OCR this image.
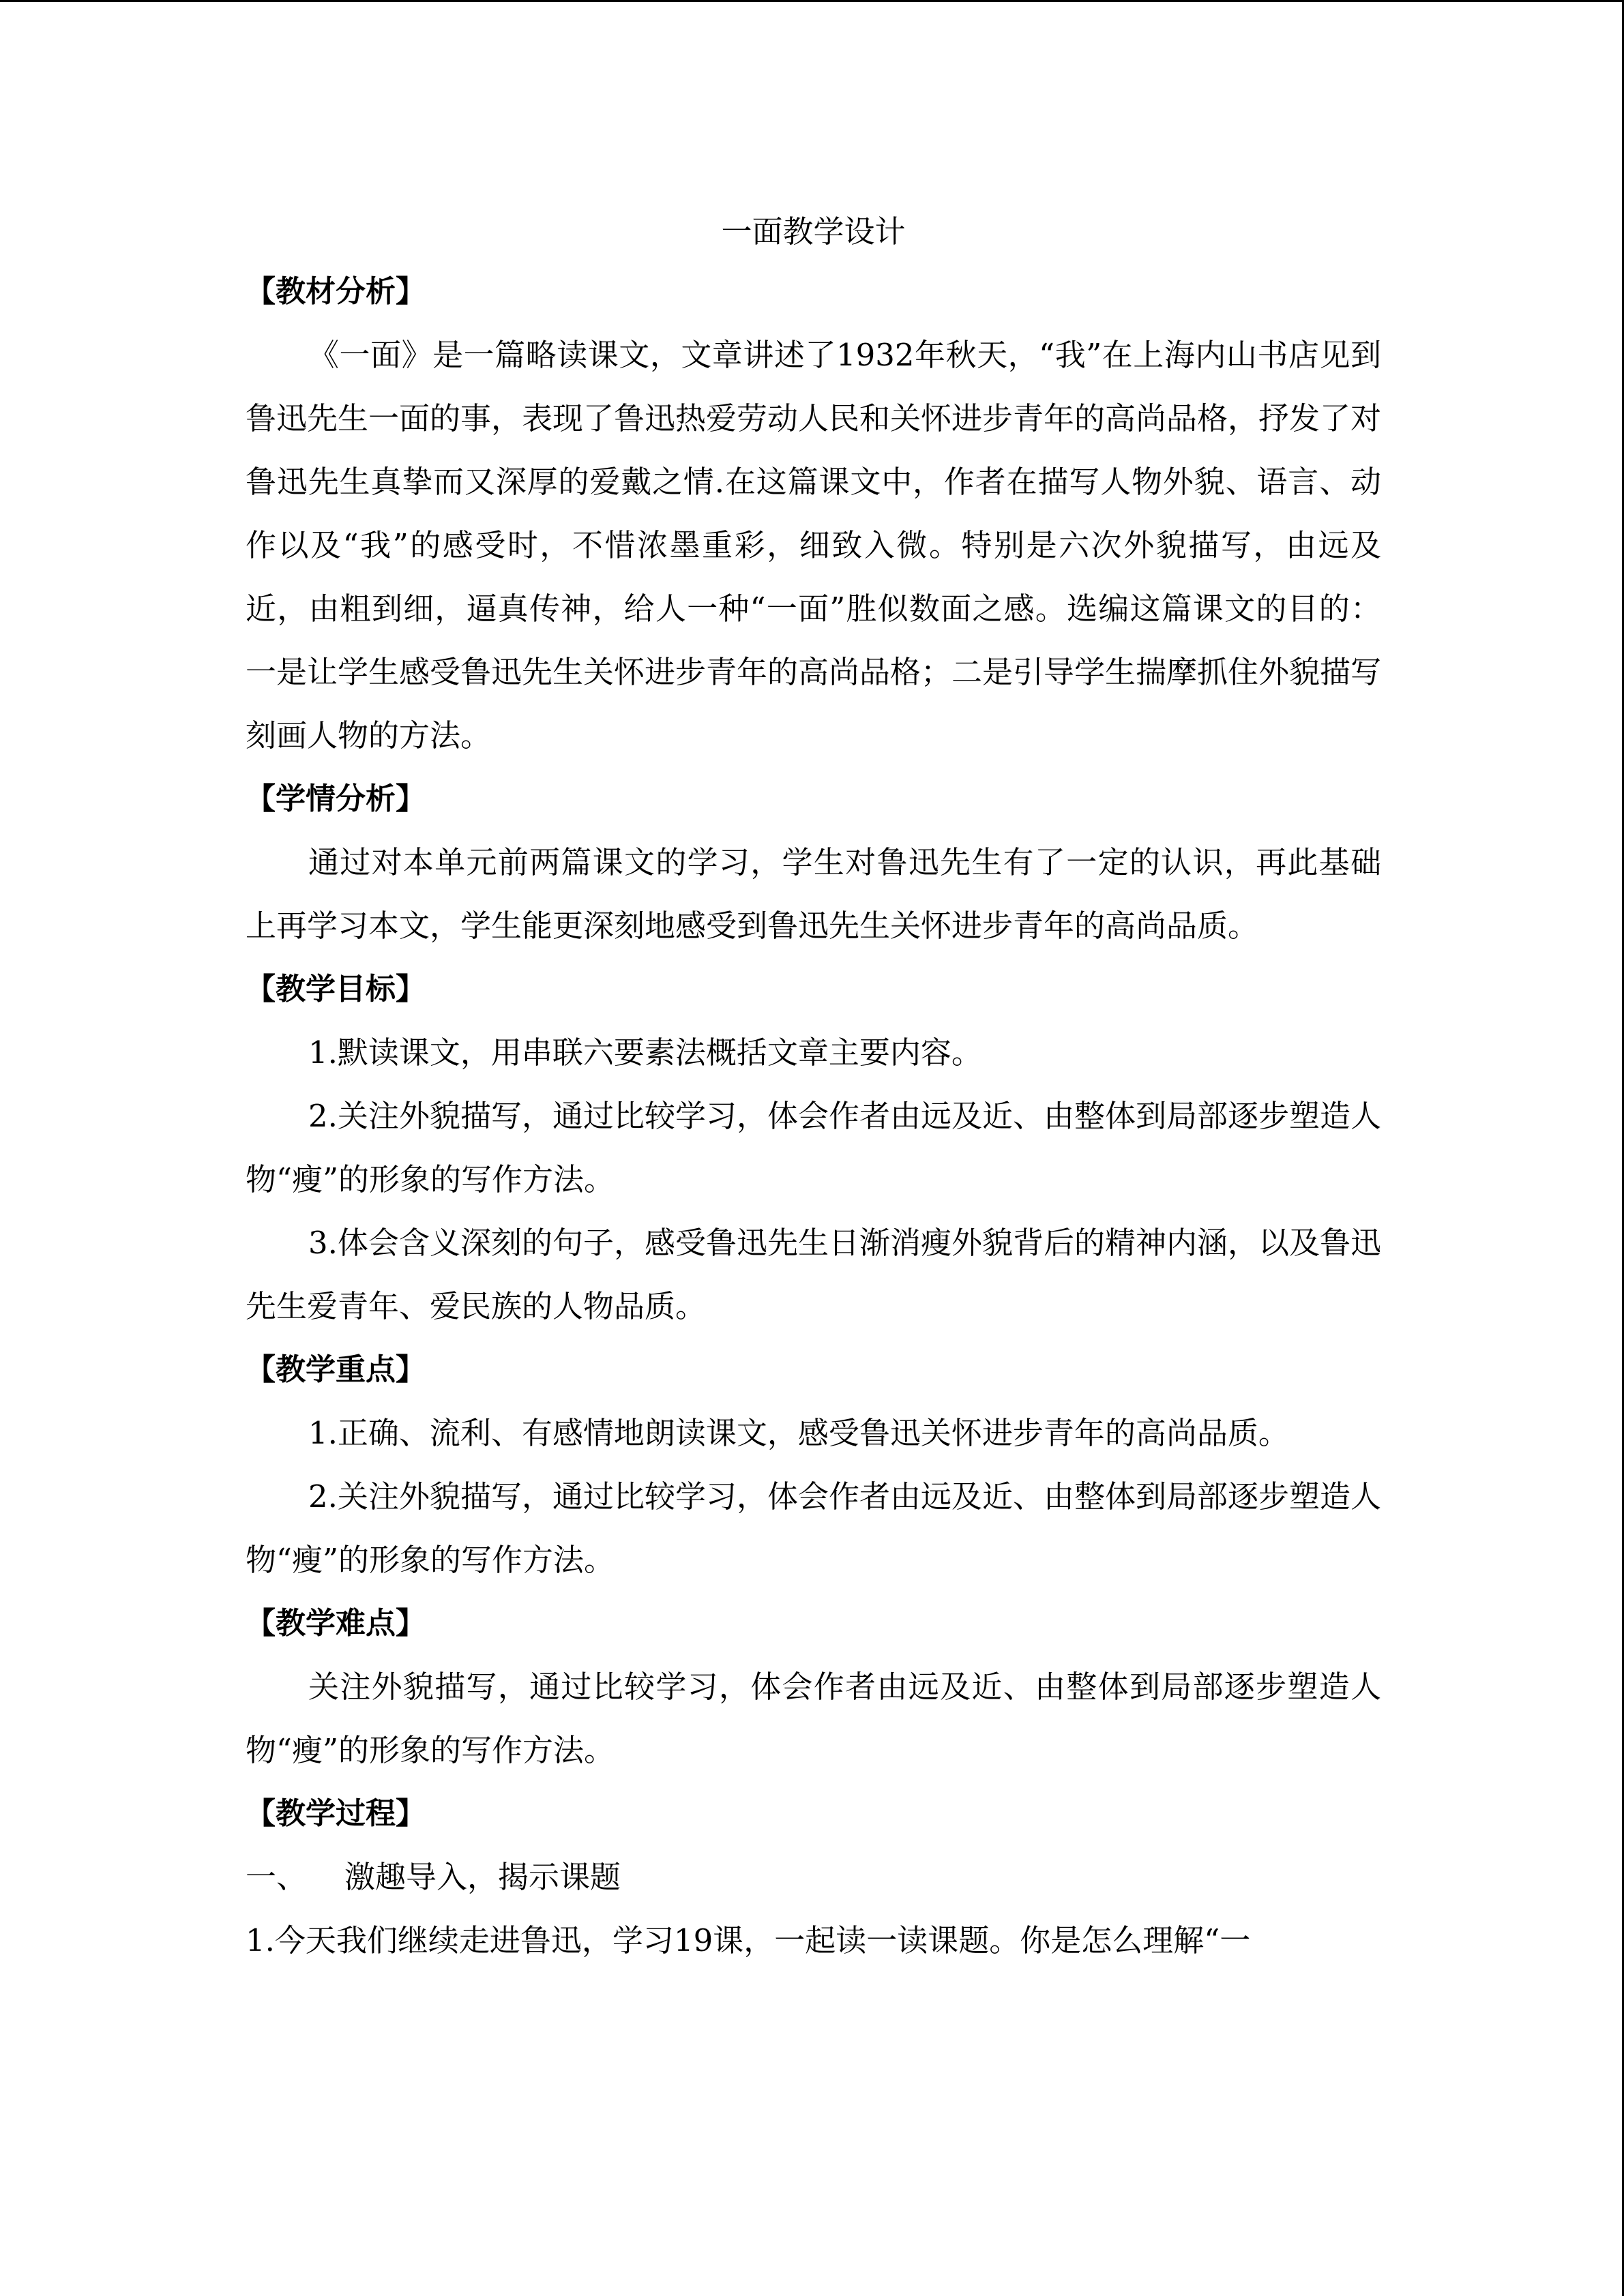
一面教学设计

【教材分析】

《一面》是一篇略读课文，文章讲述了1932年秋天，“我”在上海内山书店见到鲁迅先生一面的事，表现了鲁迅热爱劳动人民和关怀进步青年的高尚品格，抒发了对鲁迅先生真挚而又深厚的爱戴之情.在这篇课文中，作者在描写人物外貌、语言、动作以及“我”的感受时，不惜浓墨重彩，细致入微。特别是六次外貌描写，由远及近，由粗到细，逼真传神，给人一种“一面”胜似数面之感。选编这篇课文的目的：一是让学生感受鲁迅先生关怀进步青年的高尚品格；二是引导学生揣摩抓住外貌描写刻画人物的方法。

【学情分析】

通过对本单元前两篇课文的学习，学生对鲁迅先生有了一定的认识，再此基础上再学习本文，学生能更深刻地感受到鲁迅先生关怀进步青年的高尚品质。

【教学目标】

1.默读课文，用串联六要素法概括文章主要内容。

2.关注外貌描写，通过比较学习，体会作者由远及近、由整体到局部逐步塑造人物“瘦”的形象的写作方法。

3.体会含义深刻的句子，感受鲁迅先生日渐消瘦外貌背后的精神内涵，以及鲁迅先生爱青年、爱民族的人物品质。

【教学重点】

1.正确、流利、有感情地朗读课文，感受鲁迅关怀进步青年的高尚品质。

2.关注外貌描写，通过比较学习，体会作者由远及近、由整体到局部逐步塑造人物“瘦”的形象的写作方法。

【教学难点】

关注外貌描写，通过比较学习，体会作者由远及近、由整体到局部逐步塑造人物“瘦”的形象的写作方法。

【教学过程】

一、 激趣导入，揭示课题

1.今天我们继续走进鲁迅，学习19课，一起读一读课题。你是怎么理解“一
